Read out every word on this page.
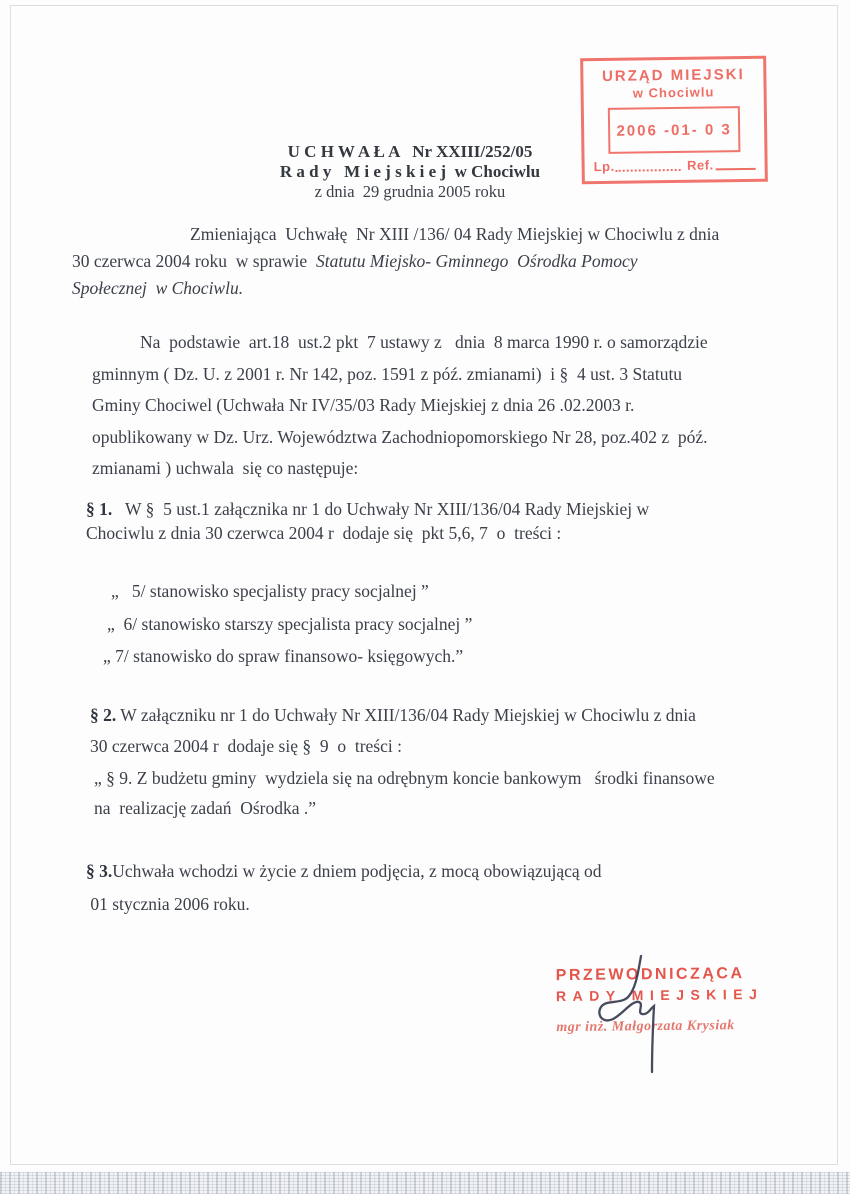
URZĄD MIEJSKI
w Chociwlu
2006 -01- 0 3
Lp.	Ref.
U C H W A Ł A   Nr XXIII/252/05
R a d y   M i e j s k i e j  w Chociwlu
z dnia  29 grudnia 2005 roku
Zmieniająca  Uchwałę  Nr XIII /136/ 04 Rady Miejskiej w Chociwlu z dnia
30 czerwca 2004 roku  w sprawie  Statutu Miejsko- Gminnego  Ośrodka Pomocy
Społecznej  w Chociwlu.
Na  podstawie  art.18  ust.2 pkt  7 ustawy z   dnia  8 marca 1990 r. o samorządzie
gminnym ( Dz. U. z 2001 r. Nr 142, poz. 1591 z póź. zmianami)  i §  4 ust. 3 Statutu
Gminy Chociwel (Uchwała Nr IV/35/03 Rady Miejskiej z dnia 26 .02.2003 r.
opublikowany w Dz. Urz. Województwa Zachodniopomorskiego Nr 28, poz.402 z  póź.
zmianami ) uchwala  się co następuje:
§ 1.   W §  5 ust.1 załącznika nr 1 do Uchwały Nr XIII/136/04 Rady Miejskiej w
Chociwlu z dnia 30 czerwca 2004 r  dodaje się  pkt 5,6, 7  o  treści :
„   5/ stanowisko specjalisty pracy socjalnej ”
„  6/ stanowisko starszy specjalista pracy socjalnej ”
„ 7/ stanowisko do spraw finansowo- księgowych.”
§ 2. W załączniku nr 1 do Uchwały Nr XIII/136/04 Rady Miejskiej w Chociwlu z dnia
30 czerwca 2004 r  dodaje się §  9  o  treści :
„ § 9. Z budżetu gminy  wydziela się na odrębnym koncie bankowym   środki finansowe
na  realizację zadań  Ośrodka .”
§ 3.Uchwała wchodzi w życie z dniem podjęcia, z mocą obowiązującą od
01 stycznia 2006 roku.
PRZEWODNICZĄCA
RADY MIEJSKIEJ
mgr inż. Małgorzata Krysiak
